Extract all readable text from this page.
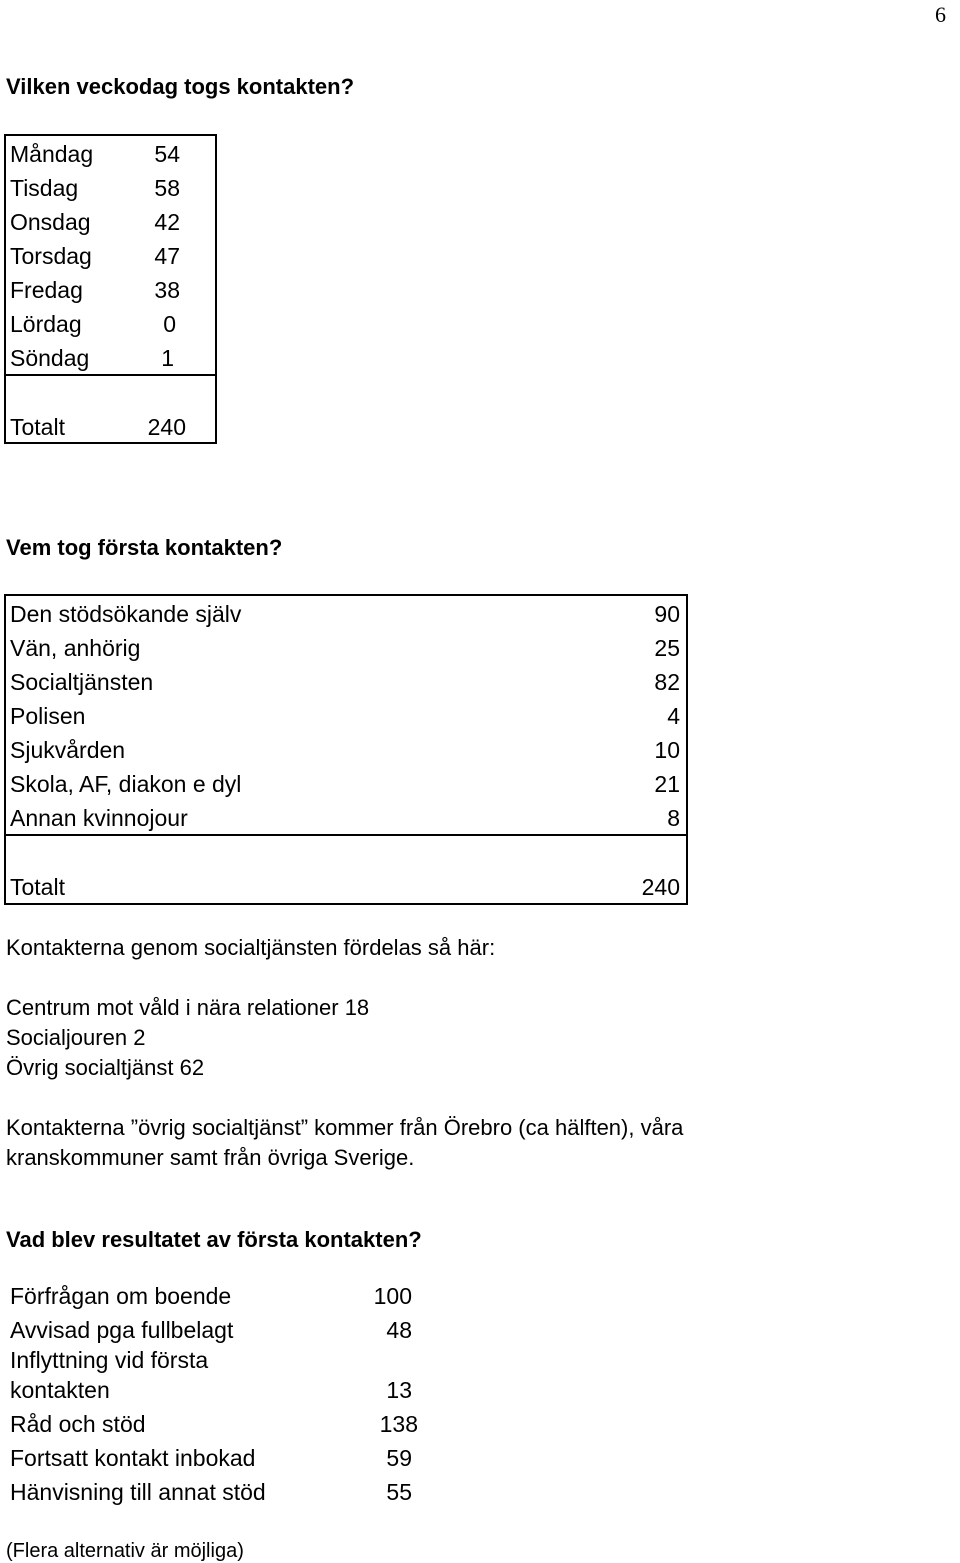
6
Vilken veckodag togs kontakten?
Måndag	54
Tisdag	58
Onsdag	42
Torsdag	47
Fredag	38
Lördag	0
Söndag	1
Totalt	240
Vem tog första kontakten?
Den stödsökande själv	90
Vän, anhörig	25
Socialtjänsten	82
Polisen	4
Sjukvården	10
Skola, AF, diakon e dyl	21
Annan kvinnojour	8
Totalt	240
Kontakterna genom socialtjänsten fördelas så här:
Centrum mot våld i nära relationer 18
Socialjouren 2
Övrig socialtjänst 62
Kontakterna ”övrig socialtjänst” kommer från Örebro (ca hälften), våra
kranskommuner samt från övriga Sverige.
Vad blev resultatet av första kontakten?
Förfrågan om boende	100
Avvisad pga fullbelagt	48
Inflyttning vid första
kontakten	13
Råd och stöd	138
Fortsatt kontakt inbokad	59
Hänvisning till annat stöd	55
(Flera alternativ är möjliga)
